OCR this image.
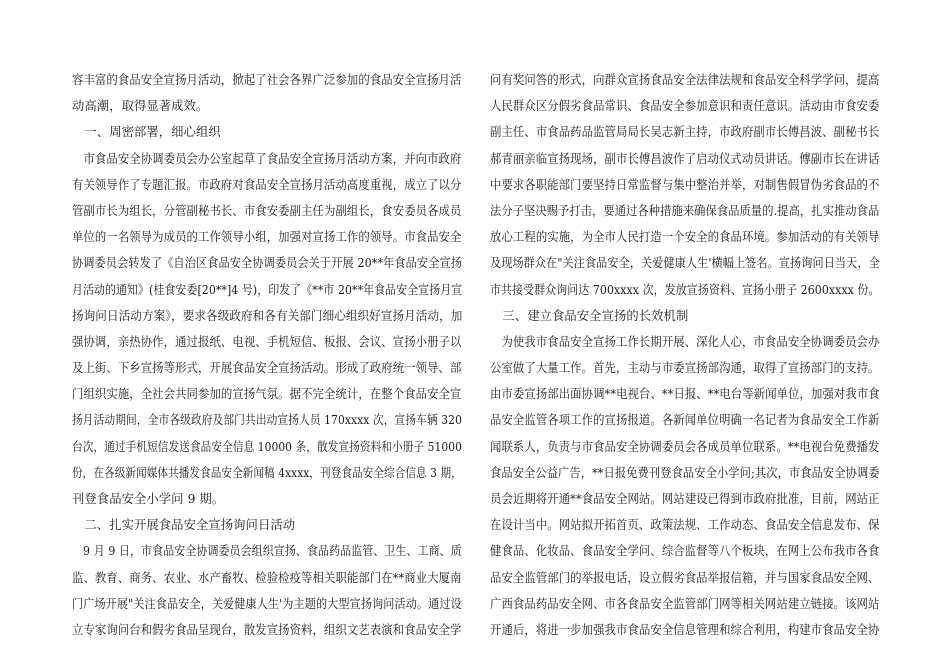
容丰富的食品安全宣扬月活动，掀起了社会各界广泛参加的食品安全宣扬月活
动高潮，取得显著成效。
　一、周密部署，细心组织
　市食品安全协调委员会办公室起草了食品安全宣扬月活动方案，并向市政府
有关领导作了专题汇报。市政府对食品安全宣扬月活动高度重视，成立了以分
管副市长为组长，分管副秘书长、市食安委副主任为副组长，食安委员各成员
单位的一名领导为成员的工作领导小组，加强对宣扬工作的领导。市食品安全
协调委员会转发了《自治区食品安全协调委员会关于开展 20**年食品安全宣扬
月活动的通知》(桂食安委[20**]4 号)，印发了《**市 20**年食品安全宣扬月宣
扬询问日活动方案》，要求各级政府和各有关部门细心组织好宣扬月活动，加
强协调，亲热协作，通过报纸、电视、手机短信、板报、会议、宣扬小册子以
及上街、下乡宣扬等形式，开展食品安全宣扬活动。形成了政府统一领导、部
门组织实施，全社会共同参加的宣扬气氛。据不完全统计，在整个食品安全宣
扬月活动期间，全市各级政府及部门共出动宣扬人员 170xxxx 次，宣扬车辆 320
台次，通过手机短信发送食品安全信息 10000 条，散发宣扬资料和小册子 51000
份，在各级新闻媒体共播发食品安全新闻稿 4xxxx，刊登食品安全综合信息 3 期，
刊登食品安全小学问 9 期。
　二、扎实开展食品安全宣扬询问日活动
　9 月 9 日，市食品安全协调委员会组织宣扬、食品药品监管、卫生、工商、质
监、教育、商务、农业、水产畜牧、检验检疫等相关职能部门在**商业大厦南
门广场开展"关注食品安全，关爱健康人生'为主题的大型宣扬询问活动。通过设
立专家询问台和假劣食品呈现台，散发宣扬资料，组织文艺表演和食品安全学
问有奖问答的形式，向群众宣扬食品安全法律法规和食品安全科学学问，提高
人民群众区分假劣食品常识、食品安全参加意识和责任意识。活动由市食安委
副主任、市食品药品监管局局长吴志新主持，市政府副市长傅昌波、副秘书长
郝青丽亲临宣扬现场，副市长傅昌波作了启动仪式动员讲话。傅副市长在讲话
中要求各职能部门要坚持日常监督与集中整治并举，对制售假冒伪劣食品的不
法分子坚决赐予打击，要通过各种措施来确保食品质量的.提高，扎实推动食品
放心工程的实施，为全市人民打造一个安全的食品环境。参加活动的有关领导
及现场群众在"关注食品安全，关爱健康人生'横幅上签名。宣扬询问日当天，全
市共接受群众询问达 700xxxx 次，发放宣扬资料、宣扬小册子 2600xxxx 份。
　三、建立食品安全宣扬的长效机制
　为使我市食品安全宣扬工作长期开展、深化人心，市食品安全协调委员会办
公室做了大量工作。首先，主动与市委宣扬部沟通，取得了宣扬部门的支持。
由市委宣扬部出面协调**电视台、**日报、**电台等新闻单位，加强对我市食
品安全监管各项工作的宣扬报道。各新闻单位明确一名记者为食品安全工作新
闻联系人，负责与市食品安全协调委员会各成员单位联系。**电视台免费播发
食品安全公益广告，**日报免费刊登食品安全小学问;其次，市食品安全协调委
员会近期将开通**食品安全网站。网站建设已得到市政府批准，目前，网站正
在设计当中。网站拟开拓首页、政策法规、工作动态、食品安全信息发布、保
健食品、化妆品、食品安全学问、综合监督等八个板块，在网上公布我市各食
品安全监管部门的举报电话，设立假劣食品举报信箱，并与国家食品安全网、
广西食品药品安全网、市各食品安全监管部门网等相关网站建立链接。该网站
开通后，将进一步加强我市食品安全信息管理和综合利用，构建市食品安全协
